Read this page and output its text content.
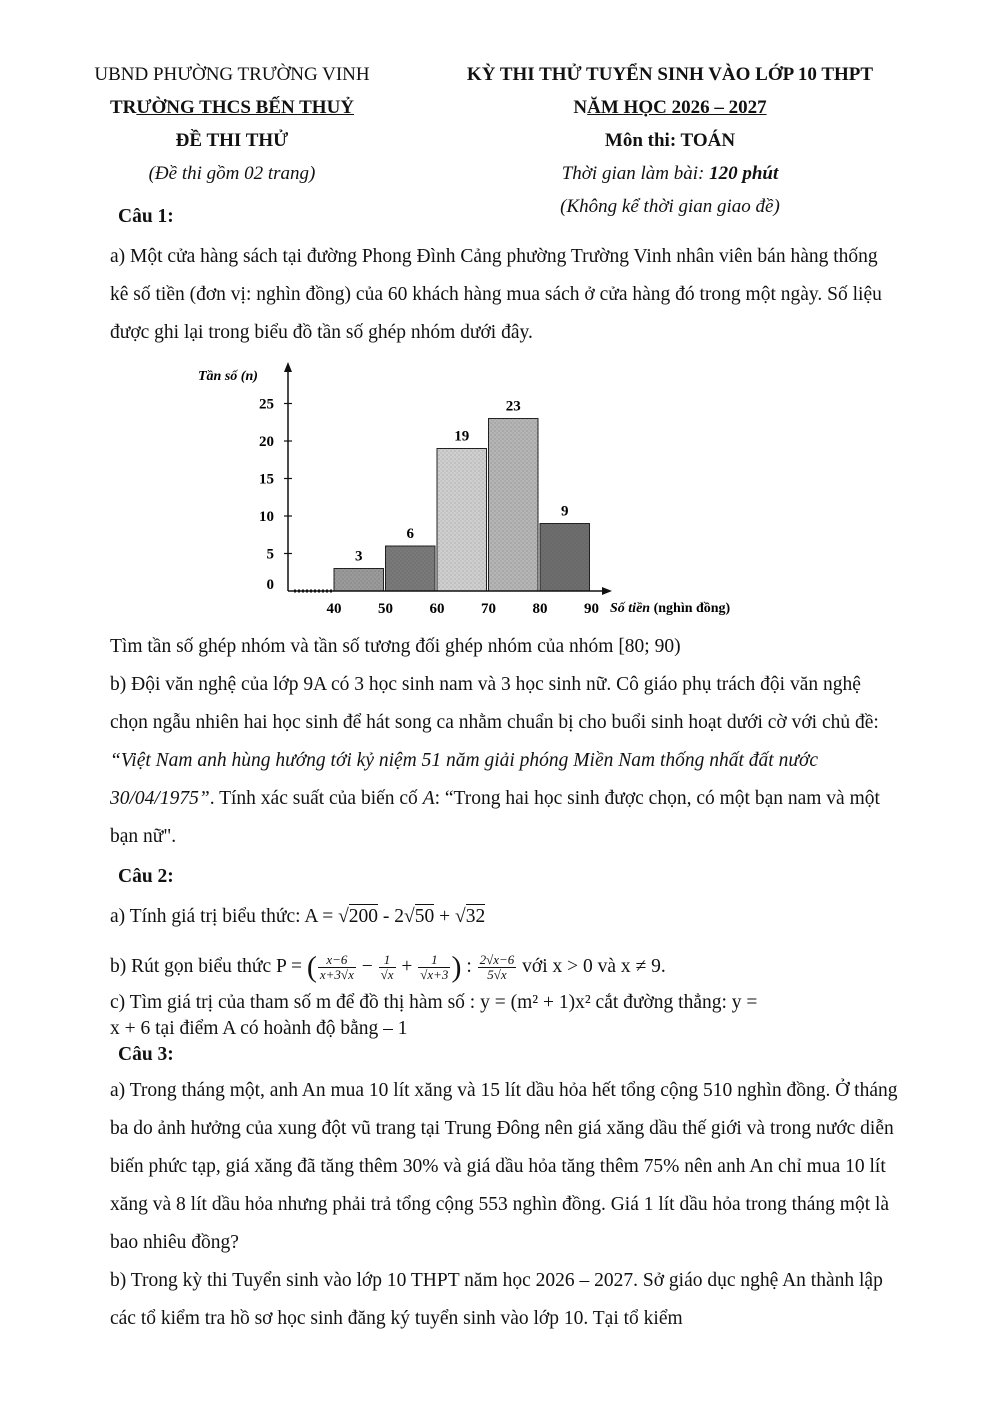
UBND PHƯỜNG TRƯỜNG VINH
TRƯỜNG THCS BẾN THUỶ
ĐỀ THI THỬ
(Đề thi gồm 02 trang)
KỲ THI THỬ TUYỂN SINH VÀO LỚP 10 THPT
NĂM HỌC 2026 – 2027
Môn thi: TOÁN
Thời gian làm bài: 120 phút
(Không kể thời gian giao đề)
Câu 1:
a) Một cửa hàng sách tại đường Phong Đình Cảng phường Trường Vinh nhân viên bán hàng thống kê số tiền (đơn vị: nghìn đồng) của 60 khách hàng mua sách ở cửa hàng đó trong một ngày. Số liệu được ghi lại trong biểu đồ tần số ghép nhóm dưới đây.
3
6
19
23
9
0
5
10
15
20
25
40 50 60 70 80 90
Tần số (n)
Số tiền (nghìn đồng)
Tìm tần số ghép nhóm và tần số tương đối ghép nhóm của nhóm [80; 90)
b) Đội văn nghệ của lớp 9A có 3 học sinh nam và 3 học sinh nữ. Cô giáo phụ trách đội văn nghệ chọn ngẫu nhiên hai học sinh để hát song ca nhằm chuẩn bị cho buổi sinh hoạt dưới cờ với chủ đề: “Việt Nam anh hùng hướng tới kỷ niệm 51 năm giải phóng Miền Nam thống nhất đất nước 30/04/1975”. Tính xác suất của biến cố A: “Trong hai học sinh được chọn, có một bạn nam và một bạn nữ".
Câu 2:
a) Tính giá trị biểu thức: A = √200 - 2√50 + √32
b) Rút gọn biểu thức P = ( $\frac{x-6}{x+3√x} - \frac{1}{√x} + \frac{1}{√x+3}$ ) : $\frac{2√x-6}{5√x}$ với x > 0 và x ≠ 9.
c) Tìm giá trị của tham số m để đồ thị hàm số : y = (m² + 1)x² cắt đường thẳng: y =
x + 6 tại điểm A có hoành độ bằng – 1
Câu 3:
a) Trong tháng một, anh An mua 10 lít xăng và 15 lít dầu hỏa hết tổng cộng 510 nghìn đồng. Ở tháng ba do ảnh hưởng của xung đột vũ trang tại Trung Đông nên giá xăng dầu thế giới và trong nước diễn biến phức tạp, giá xăng đã tăng thêm 30% và giá dầu hỏa tăng thêm 75% nên anh An chỉ mua 10 lít xăng và 8 lít dầu hỏa nhưng phải trả tổng cộng 553 nghìn đồng. Giá 1 lít dầu hỏa trong tháng một là bao nhiêu đồng?
b) Trong kỳ thi Tuyển sinh vào lớp 10 THPT năm học 2026 – 2027. Sở giáo dục nghệ An thành lập các tổ kiểm tra hồ sơ học sinh đăng ký tuyển sinh vào lớp 10. Tại tổ kiểm
